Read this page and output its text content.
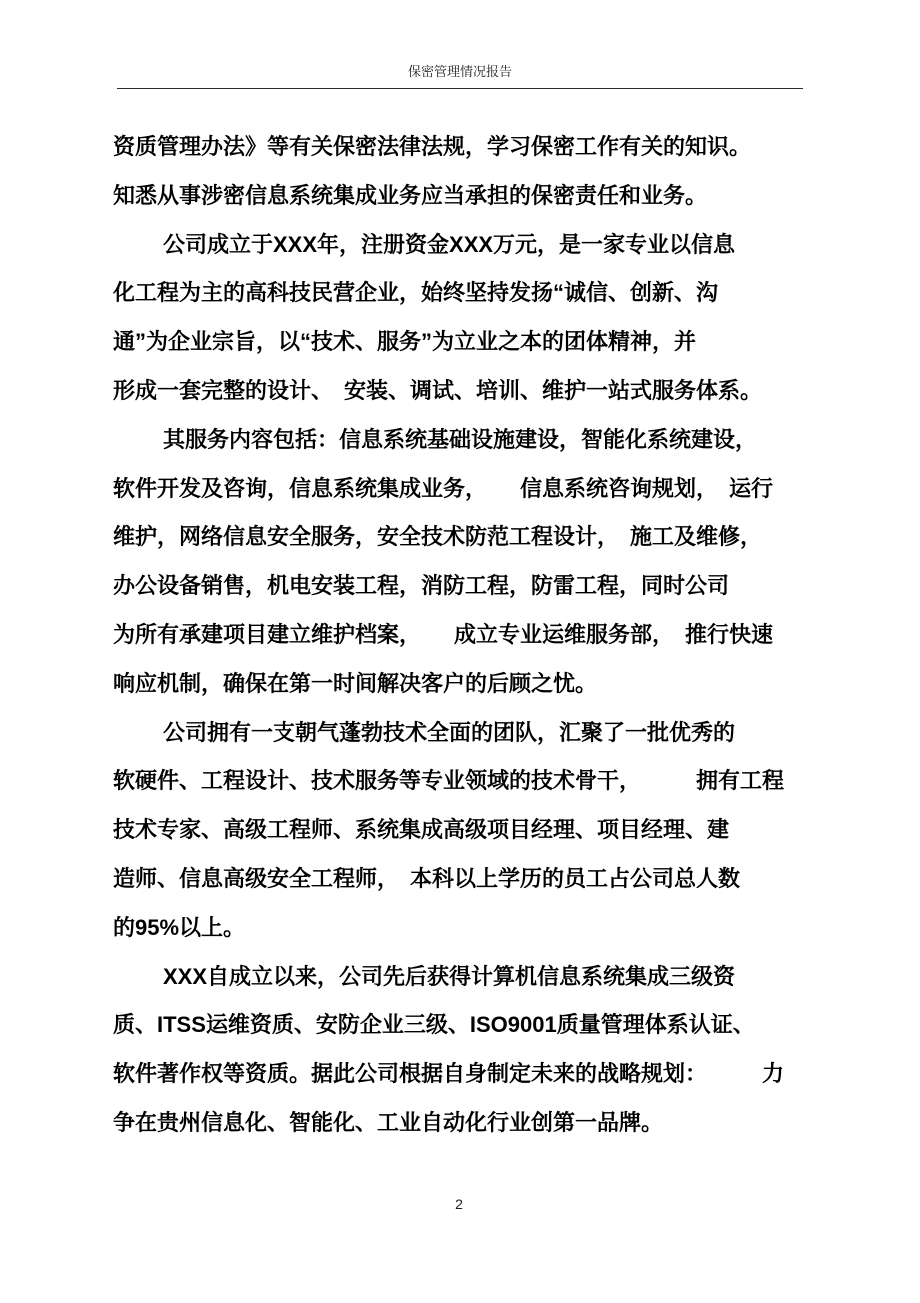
保密管理情况报告
资质管理办法》等有关保密法律法规，学习保密工作有关的知识。
知悉从事涉密信息系统集成业务应当承担的保密责任和业务。
公司成立于XXX年，注册资金XXX万元，是一家专业以信息
化工程为主的高科技民营企业，始终坚持发扬“诚信、创新、沟
通”为企业宗旨，以“技术、服务”为立业之本的团体精神，并
形成一套完整的设计、　安装、调试、培训、维护一站式服务体系。
其服务内容包括：信息系统基础设施建设，智能化系统建设，
软件开发及咨询，信息系统集成业务，　　信息系统咨询规划，　运行
维护，网络信息安全服务，安全技术防范工程设计，　施工及维修，
办公设备销售，机电安装工程，消防工程，防雷工程，同时公司
为所有承建项目建立维护档案，　　成立专业运维服务部，　推行快速
响应机制，确保在第一时间解决客户的后顾之忧。
公司拥有一支朝气蓬勃技术全面的团队，汇聚了一批优秀的
软硬件、工程设计、技术服务等专业领域的技术骨干，　　　拥有工程
技术专家、高级工程师、系统集成高级项目经理、项目经理、建
造师、信息高级安全工程师，　本科以上学历的员工占公司总人数
的95%以上。
XXX自成立以来，公司先后获得计算机信息系统集成三级资
质、ITSS运维资质、安防企业三级、ISO9001质量管理体系认证、
软件著作权等资质。据此公司根据自身制定未来的战略规划：　　　力
争在贵州信息化、智能化、工业自动化行业创第一品牌。
2
